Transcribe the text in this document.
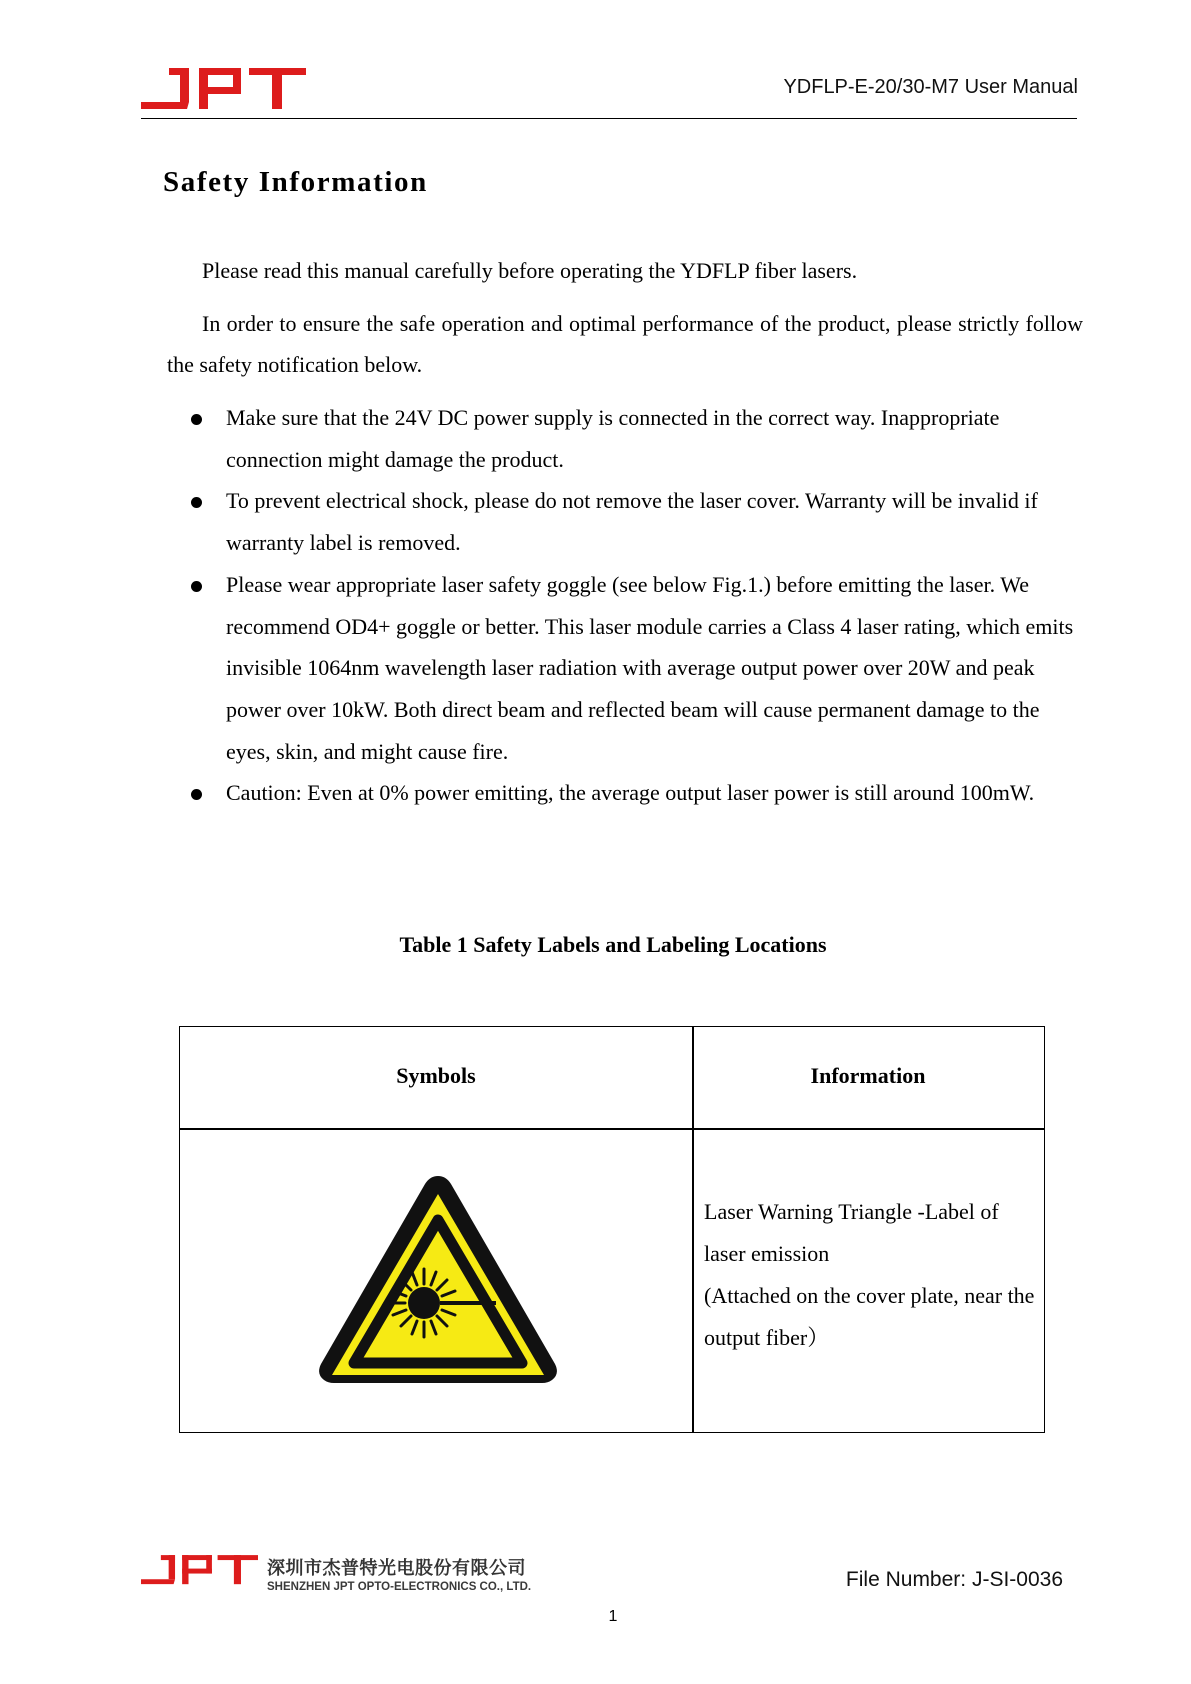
YDFLP-E-20/30-M7 User Manual
Safety Information
Please read this manual carefully before operating the YDFLP fiber lasers.
In order to ensure the safe operation and optimal performance of the product, please strictly follow the safety notification below.
Make sure that the 24V DC power supply is connected in the correct way. Inappropriate connection might damage the product.
To prevent electrical shock, please do not remove the laser cover. Warranty will be invalid if warranty label is removed.
Please wear appropriate laser safety goggle (see below Fig.1.) before emitting the laser. We recommend OD4+ goggle or better. This laser module carries a Class 4 laser rating, which emits invisible 1064nm wavelength laser radiation with average output power over 20W and peak power over 10kW. Both direct beam and reflected beam will cause permanent damage to the eyes, skin, and might cause fire.
Caution: Even at 0% power emitting, the average output laser power is still around 100mW.
Table 1 Safety Labels and Labeling Locations
Symbols	Information
Laser Warning Triangle -Label of laser emission
(Attached on the cover plate, near the output fiber）
深圳市杰普特光电股份有限公司
SHENZHEN JPT OPTO-ELECTRONICS CO., LTD.	File Number: J-SI-0036
1
